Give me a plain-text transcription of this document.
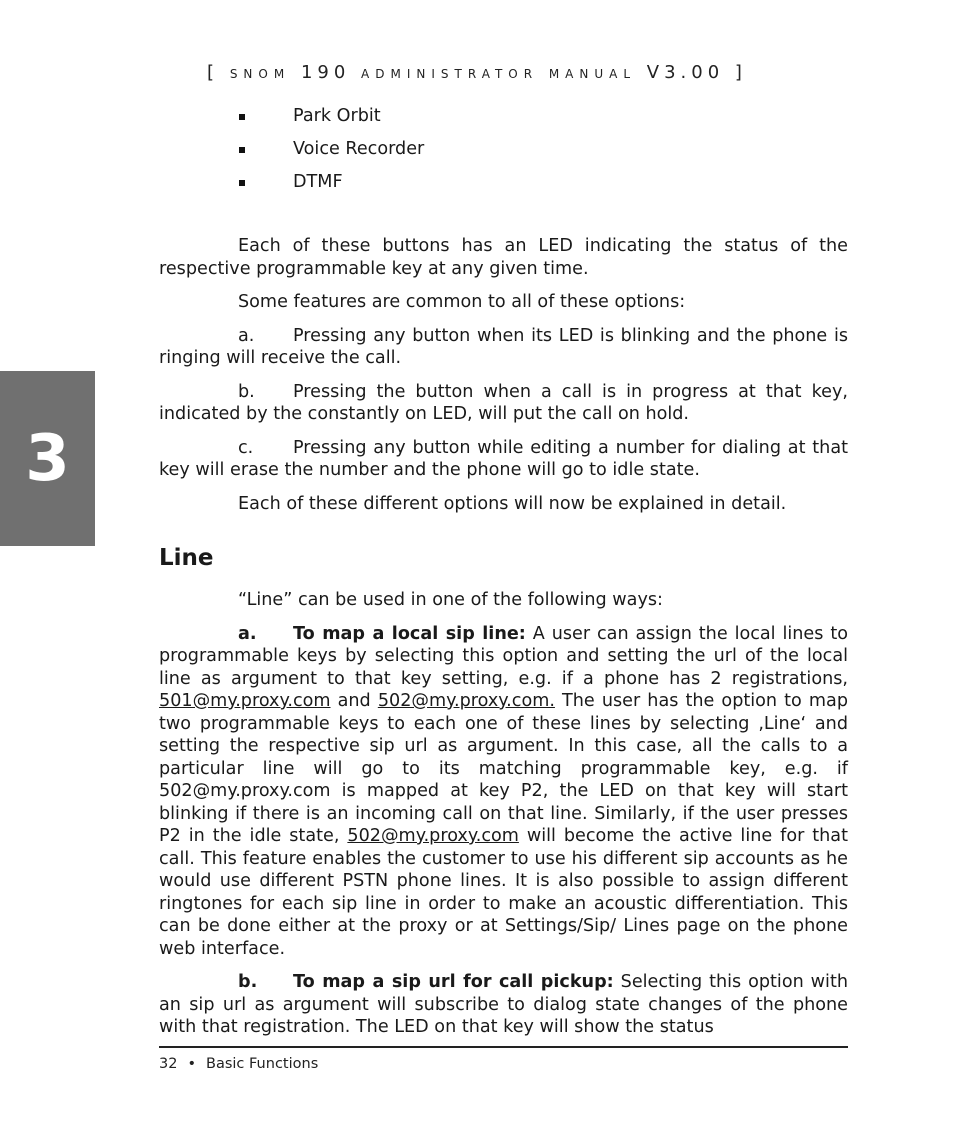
[ SNOM 190 ADMINISTRATOR MANUAL V3.00 ]
3
Park Orbit
Voice Recorder
DTMF

Each of these buttons has an LED indicating the status of the respective programmable key at any given time.

Some features are common to all of these options:

a. Pressing any button when its LED is blinking and the phone is ringing will receive the call.

b. Pressing the button when a call is in progress at that key, indicated by the constantly on LED, will put the call on hold.

c. Pressing any button while editing a number for dialing at that key will erase the number and the phone will go to idle state.

Each of these different options will now be explained in detail.

Line

“Line” can be used in one of the following ways:

a. To map a local sip line: A user can assign the local lines to programmable keys by selecting this option and setting the url of the local line as argument to that key setting, e.g. if a phone has 2 registrations, 501@my.proxy.com and 502@my.proxy.com. The user has the option to map two programmable keys to each one of these lines by selecting ‚Line‘ and setting the respective sip url as argument. In this case, all the calls to a particular line will go to its matching programmable key, e.g. if 502@my.proxy.com is mapped at key P2, the LED on that key will start blinking if there is an incoming call on that line. Similarly, if the user presses P2 in the idle state, 502@my.proxy.com will become the active line for that call. This feature enables the customer to use his different sip accounts as he would use different PSTN phone lines. It is also possible to assign different ringtones for each sip line in order to make an acoustic differentiation. This can be done either at the proxy or at Settings/Sip/ Lines page on the phone web interface.

b. To map a sip url for call pickup: Selecting this option with an sip url as argument will subscribe to dialog state changes of the phone with that registration. The LED on that key will show the status

32 • Basic Functions
